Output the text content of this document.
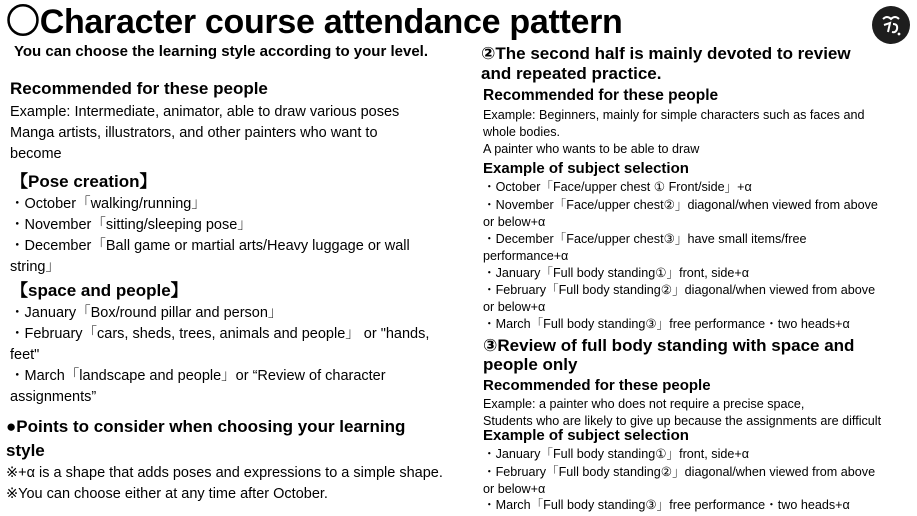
〇Character course attendance pattern
You can choose the learning style according to your level.
Recommended for these people
Example: Intermediate, animator, able to draw various poses
Manga artists, illustrators, and other painters who want to
become
【Pose creation】
・October「walking/running」
・November「sitting/sleeping pose」
・December「Ball game or martial arts/Heavy luggage or wall
string」
【space and people】
・January「Box/round pillar and person」
・February「cars, sheds, trees, animals and people」 or "hands,
feet"
・March「landscape and people」or “Review of character
assignments”
●Points to consider when choosing your learning
style
※+α is a shape that adds poses and expressions to a simple shape.
※You can choose either at any time after October.
②The second half is mainly devoted to review
and repeated practice.
Recommended for these people
Example: Beginners, mainly for simple characters such as faces and
whole bodies.
A painter who wants to be able to draw
Example of subject selection
・October「Face/upper chest ① Front/side」+α
・November「Face/upper chest②」diagonal/when viewed from above
or below+α
・December「Face/upper chest③」have small items/free
performance+α
・January「Full body standing①」front, side+α
・February「Full body standing②」diagonal/when viewed from above
or below+α
・March「Full body standing③」free performance・two heads+α
③Review of full body standing with space and
people only
Recommended for these people
Example: a painter who does not require a precise space,
Students who are likely to give up because the assignments are difficult
Example of subject selection
・January「Full body standing①」front, side+α
・February「Full body standing②」diagonal/when viewed from above
or below+α
・March「Full body standing③」free performance・two heads+α
